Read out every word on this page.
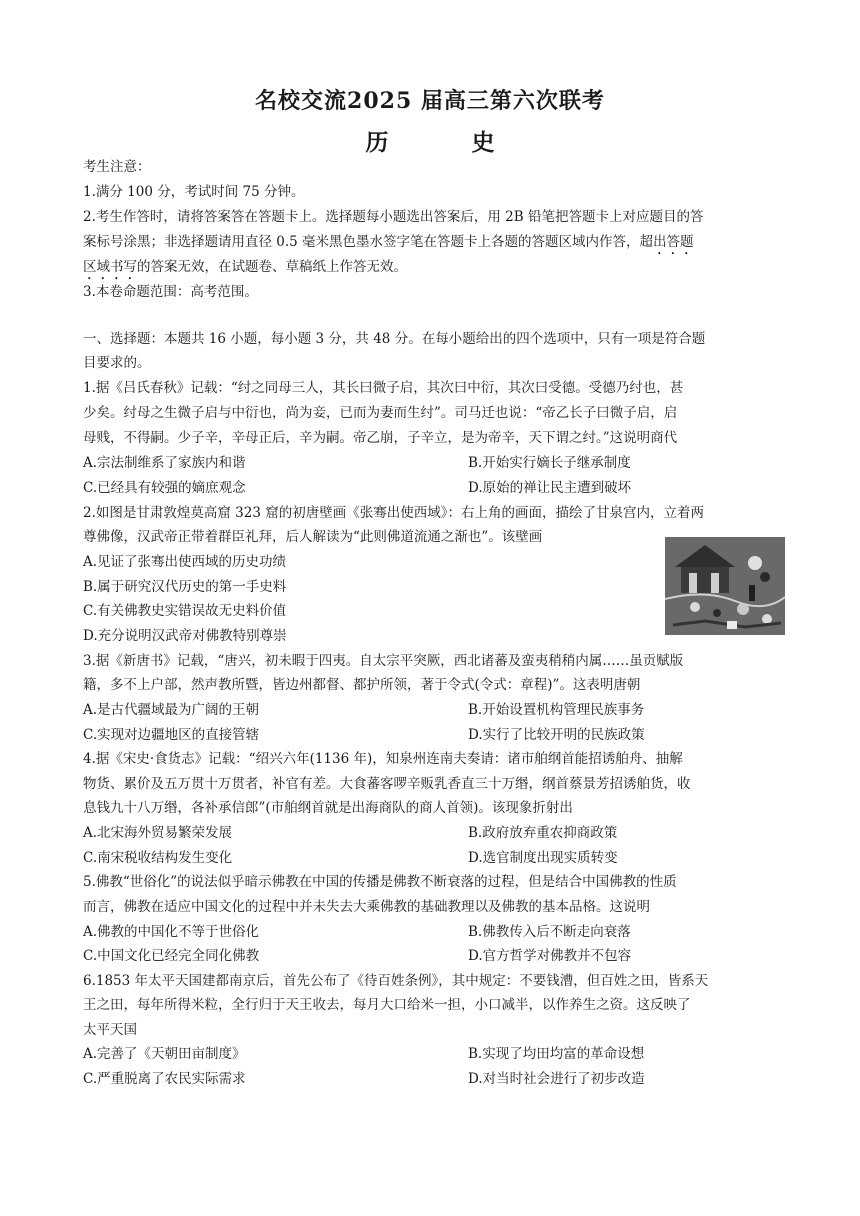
名校交流2025 届高三第六次联考
历　史
考生注意：
1.满分 100 分，考试时间 75 分钟。
2.考生作答时，请将答案答在答题卡上。选择题每小题选出答案后，用 2B 铅笔把答题卡上对应题目的答
案标号涂黑；非选择题请用直径 0.5 毫米黑色墨水签字笔在答题卡上各题的答题区域内作答，超出答题
区域书写的答案无效，在试题卷、草稿纸上作答无效。
3.本卷命题范围：高考范围。
一、选择题：本题共 16 小题，每小题 3 分，共 48 分。在每小题给出的四个选项中，只有一项是符合题
目要求的。
1.据《吕氏春秋》记载：“纣之同母三人，其长曰微子启，其次曰中衍，其次曰受德。受德乃纣也，甚
少矣。纣母之生微子启与中衍也，尚为妾，已而为妻而生纣”。司马迁也说：“帝乙长子曰微子启，启
母贱，不得嗣。少子辛，辛母正后，辛为嗣。帝乙崩，子辛立，是为帝辛，天下谓之纣。”这说明商代
A.宗法制维系了家族内和谐	B.开始实行嫡长子继承制度
C.已经具有较强的嫡庶观念	D.原始的禅让民主遭到破坏
2.如图是甘肃敦煌莫高窟 323 窟的初唐壁画《张骞出使西域》：右上角的画面，描绘了甘泉宫内，立着两
尊佛像，汉武帝正带着群臣礼拜，后人解读为“此则佛道流通之渐也”。该壁画
A.见证了张骞出使西域的历史功绩
B.属于研究汉代历史的第一手史料
C.有关佛教史实错误故无史料价值
D.充分说明汉武帝对佛教特别尊崇
3.据《新唐书》记载，“唐兴，初未暇于四夷。自太宗平突厥，西北诸蕃及蛮夷稍稍内属……虽贡赋版
籍，多不上户部，然声教所暨，皆边州都督、都护所领，著于令式(令式：章程)”。这表明唐朝
A.是古代疆域最为广阔的王朝	B.开始设置机构管理民族事务
C.实现对边疆地区的直接管辖	D.实行了比较开明的民族政策
4.据《宋史·食货志》记载：“绍兴六年(1136 年)，知泉州连南夫奏请：诸市舶纲首能招诱舶舟、抽解
物货、累价及五万贯十万贯者，补官有差。大食蕃客啰辛贩乳香直三十万缗，纲首蔡景芳招诱舶货，收
息钱九十八万缗，各补承信郎”(市舶纲首就是出海商队的商人首领)。该现象折射出
A.北宋海外贸易繁荣发展	B.政府放弃重农抑商政策
C.南宋税收结构发生变化	D.选官制度出现实质转变
5.佛教“世俗化”的说法似乎暗示佛教在中国的传播是佛教不断衰落的过程，但是结合中国佛教的性质
而言，佛教在适应中国文化的过程中并未失去大乘佛教的基础教理以及佛教的基本品格。这说明
A.佛教的中国化不等于世俗化	B.佛教传入后不断走向衰落
C.中国文化已经完全同化佛教	D.官方哲学对佛教并不包容
6.1853 年太平天国建都南京后，首先公布了《待百姓条例》，其中规定：不要钱漕，但百姓之田，皆系天
王之田，每年所得米粒，全行归于天王收去，每月大口给米一担，小口减半，以作养生之资。这反映了
太平天国
A.完善了《天朝田亩制度》	B.实现了均田均富的革命设想
C.严重脱离了农民实际需求	D.对当时社会进行了初步改造
